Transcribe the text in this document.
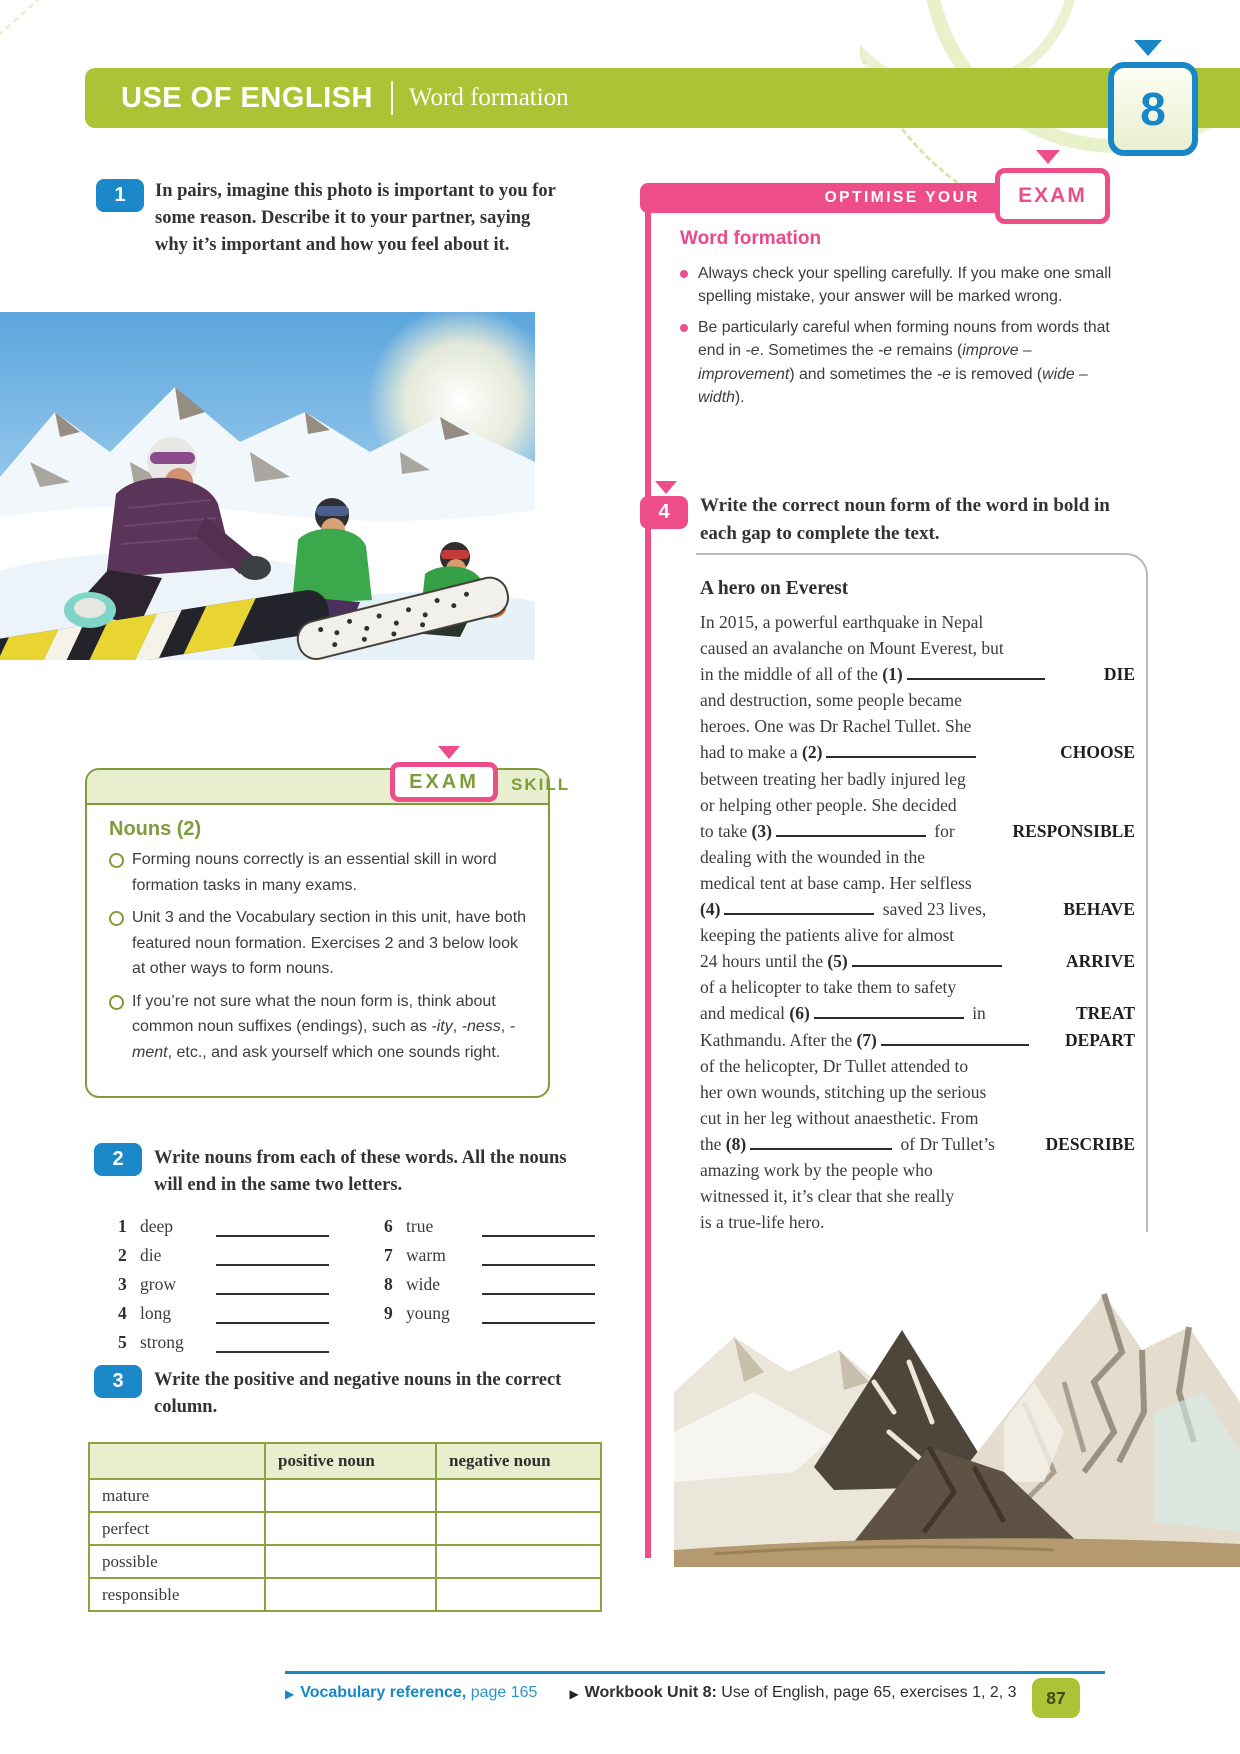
USE OF ENGLISH Word formation	8
1	In pairs, imagine this photo is important to you for some reason. Describe it to your partner, saying why it’s important and how you feel about it.
EXAM	SKILL
Nouns (2)
Forming nouns correctly is an essential skill in word formation tasks in many exams.
Unit 3 and the Vocabulary section in this unit, have both featured noun formation. Exercises 2 and 3 below look at other ways to form nouns.
If you’re not sure what the noun form is, think about common noun suffixes (endings), such as -ity, -ness, -ment, etc., and ask yourself which one sounds right.
2	Write nouns from each of these words. All the nouns will end in the same two letters.
1 deep
2 die
3 grow
4 long
5 strong
6 true
7 warm
8 wide
9 young
3	Write the positive and negative nouns in the correct column.
	positive noun	negative noun
mature		
perfect		
possible		
responsible		
OPTIMISE YOUR	EXAM
Word formation
Always check your spelling carefully. If you make one small spelling mistake, your answer will be marked wrong.
Be particularly careful when forming nouns from words that end in -e. Sometimes the -e remains (improve – improvement) and sometimes the -e is removed (wide – width).
4	Write the correct noun form of the word in bold in each gap to complete the text.
A hero on Everest
In 2015, a powerful earthquake in Nepal
caused an avalanche on Mount Everest, but
in the middle of all of the (1)	DIE
and destruction, some people became
heroes. One was Dr Rachel Tullet. She
had to make a (2)	CHOOSE
between treating her badly injured leg
or helping other people. She decided
to take (3)	for	RESPONSIBLE
dealing with the wounded in the
medical tent at base camp. Her selfless
(4)	saved 23 lives,	BEHAVE
keeping the patients alive for almost
24 hours until the (5)	ARRIVE
of a helicopter to take them to safety
and medical (6)	in	TREAT
Kathmandu. After the (7)	DEPART
of the helicopter, Dr Tullet attended to
her own wounds, stitching up the serious
cut in her leg without anaesthetic. From
the (8)	of Dr Tullet’s	DESCRIBE
amazing work by the people who
witnessed it, it’s clear that she really
is a true-life hero.
▶ Vocabulary reference, page 165	▶ Workbook Unit 8: Use of English, page 65, exercises 1, 2, 3	87
